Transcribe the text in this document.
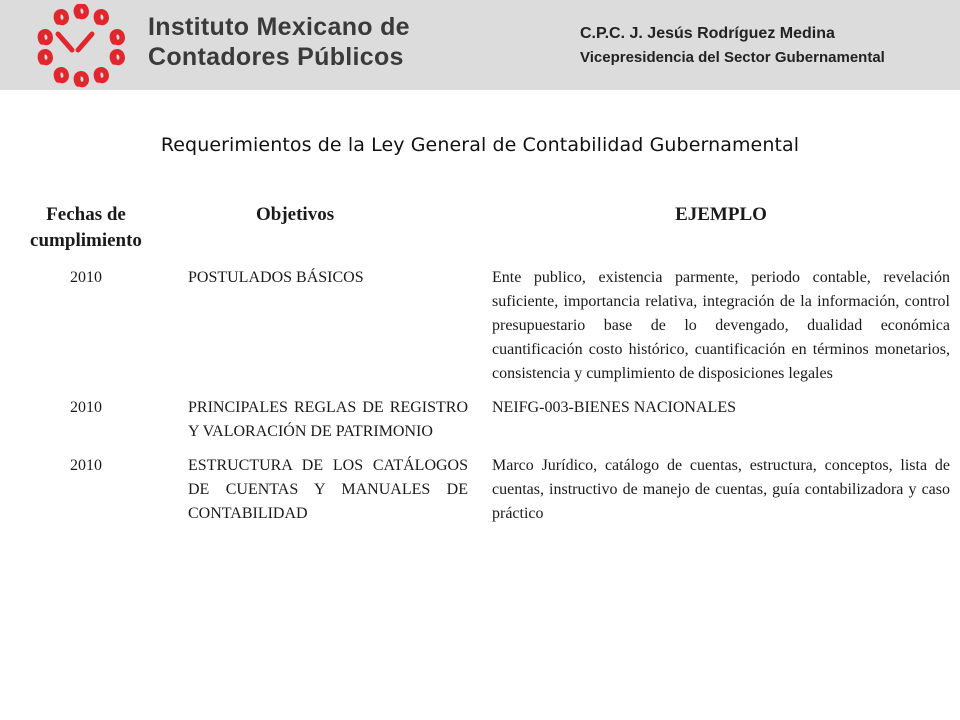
Instituto Mexicano de
Contadores Públicos
C.P.C. J. Jesús Rodríguez Medina
Vicepresidencia del Sector Gubernamental
Requerimientos de la Ley General de Contabilidad Gubernamental
Fechas de cumplimiento	Objetivos	EJEMPLO
2010	POSTULADOS BÁSICOS	Ente publico, existencia parmente, periodo contable, revelación suficiente, importancia relativa, integración de la información, control presupuestario base de lo devengado, dualidad económica cuantificación costo histórico, cuantificación en términos monetarios, consistencia y cumplimiento de disposiciones legales
2010	PRINCIPALES REGLAS DE REGISTRO Y VALORACIÓN DE PATRIMONIO	NEIFG-003-BIENES NACIONALES
2010	ESTRUCTURA DE LOS CATÁLOGOS DE CUENTAS Y MANUALES DE CONTABILIDAD	Marco Jurídico, catálogo de cuentas, estructura, conceptos, lista de cuentas, instructivo de manejo de cuentas, guía contabilizadora y caso práctico
